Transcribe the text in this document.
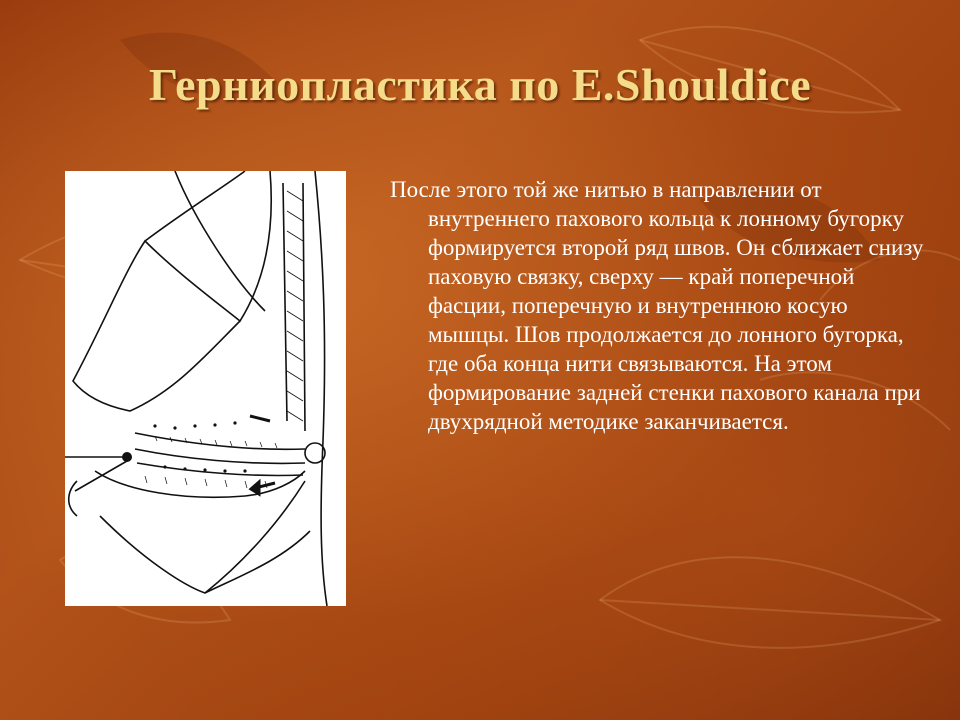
Герниопластика по E.Shouldice

После этого той же нитью в направлении от внутреннего пахового кольца к лонному бугорку формируется второй ряд швов. Он сближает снизу паховую связку, сверху — край поперечной фасции, поперечную и внутреннюю косую мышцы. Шов продолжается до лонного бугорка, где оба конца нити связываются. На этом формирование задней стенки пахового канала при двухрядной методике заканчивается.
